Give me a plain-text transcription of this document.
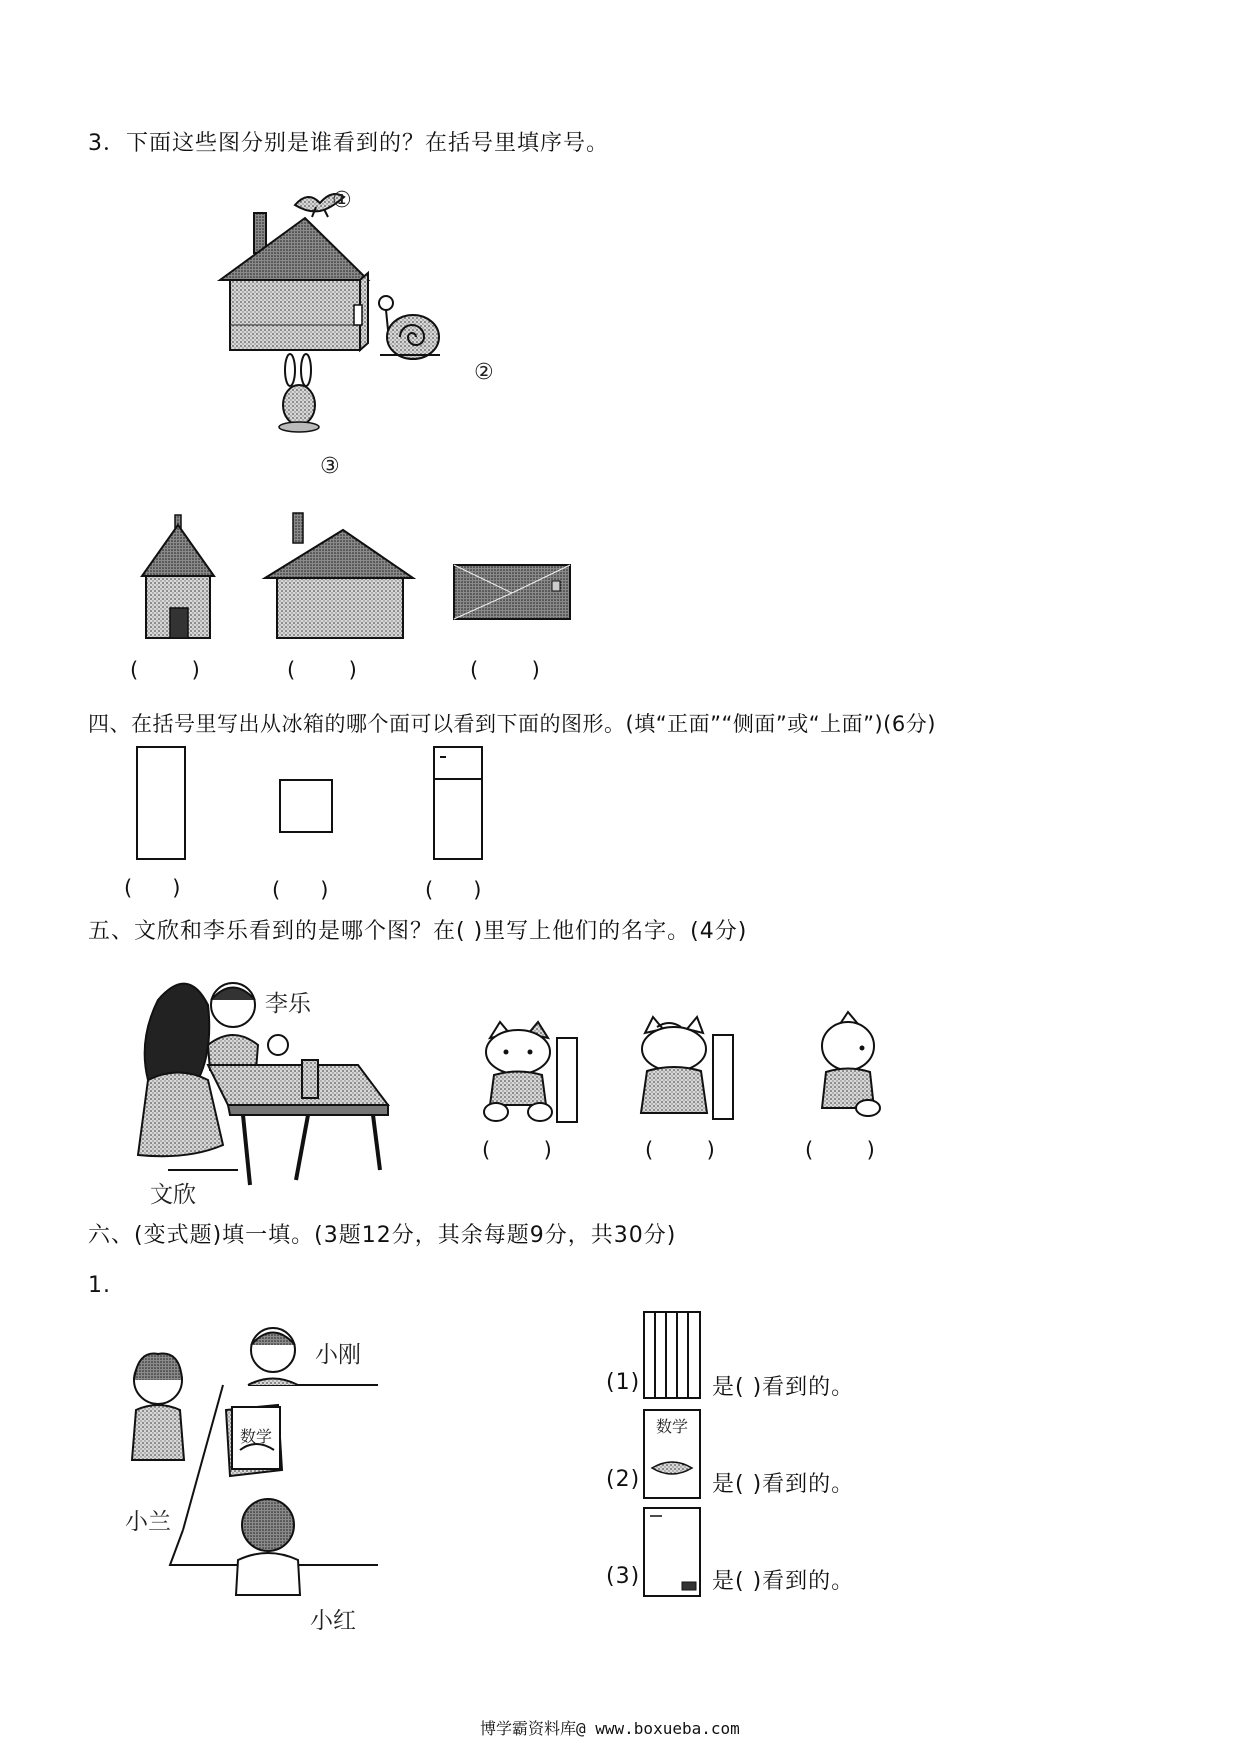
3．下面这些图分别是谁看到的？在括号里填序号。
①
②
③
(        )	(        )	(        )
四、在括号里写出从冰箱的哪个面可以看到下面的图形。(填“正面”“侧面”或“上面”)(6分)
(      )	(      )	(      )
五、文欣和李乐看到的是哪个图？在( )里写上他们的名字。(4分)
李乐
文欣
(        )	(        )	(        )
六、(变式题)填一填。(3题12分，其余每题9分，共30分)
1.
数学
小刚
小兰
小红
(1)	是( )看到的。
(2)
数学
是( )看到的。
(3)	是( )看到的。
博学霸资料库@ www.boxueba.com
